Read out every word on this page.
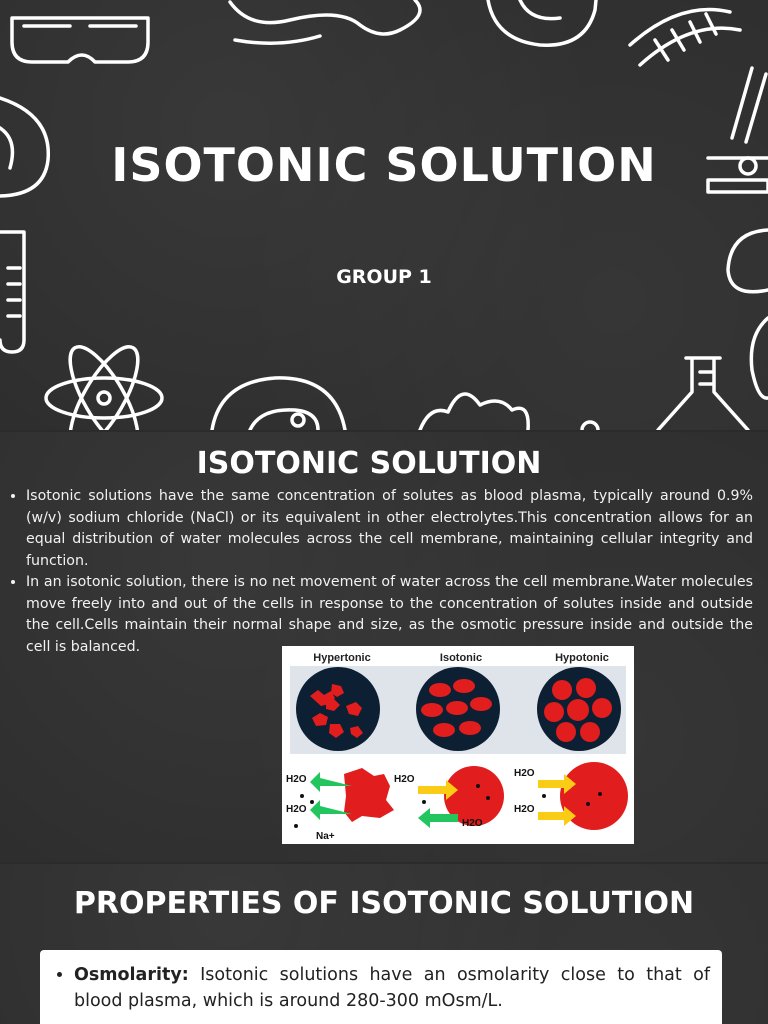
ISOTONIC SOLUTION
GROUP 1
ISOTONIC SOLUTION
• Isotonic solutions have the same concentration of solutes as blood plasma, typically around 0.9% (w/v) sodium chloride (NaCl) or its equivalent in other electrolytes.This concentration allows for an equal distribution of water molecules across the cell membrane, maintaining cellular integrity and function.
• In an isotonic solution, there is no net movement of water across the cell membrane.Water molecules move freely into and out of the cells in response to the concentration of solutes inside and outside the cell.Cells maintain their normal shape and size, as the osmotic pressure inside and outside the cell is balanced.
Hypertonic	Isotonic	Hypotonic
H2O
H2O
Na+
H2O
H2O
H2O
H2O
PROPERTIES OF ISOTONIC SOLUTION
• Osmolarity: Isotonic solutions have an osmolarity close to that of blood plasma, which is around 280-300 mOsm/L.
